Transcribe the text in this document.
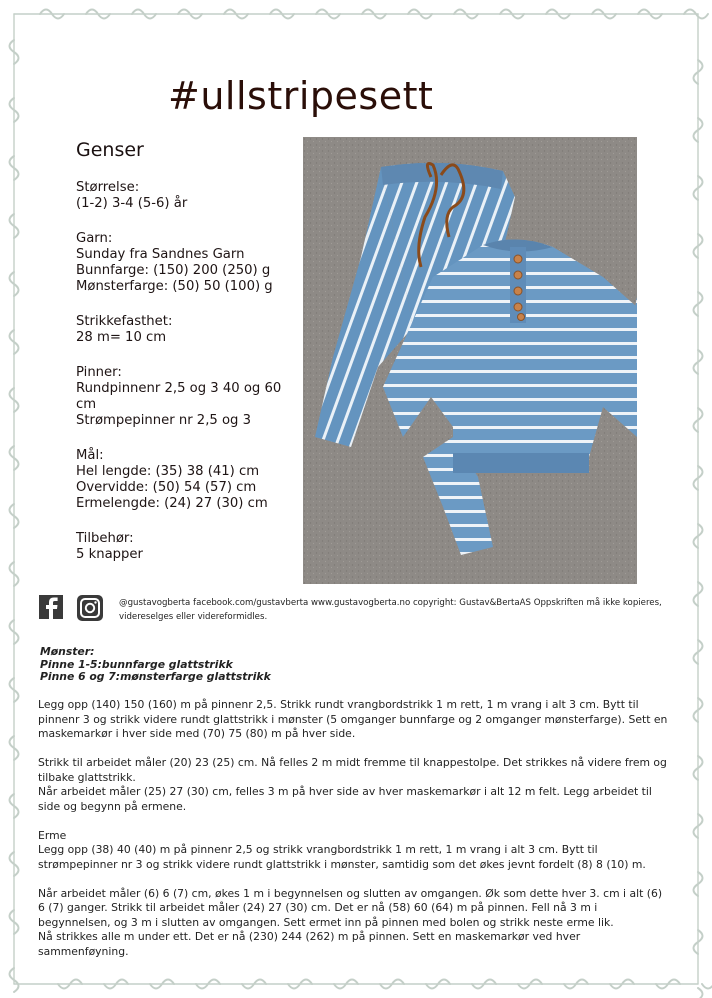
#ullstripesett
Genser
Størrelse:
(1-2) 3-4 (5-6) år
Garn:
Sunday fra Sandnes Garn
Bunnfarge: (150) 200 (250) g
Mønsterfarge: (50) 50 (100) g
Strikkefasthet:
28 m= 10 cm
Pinner:
Rundpinnenr 2,5 og 3 40 og 60 cm
Strømpepinner nr 2,5 og 3
Mål:
Hel lengde: (35) 38 (41) cm
Overvidde: (50) 54 (57) cm
Ermelengde: (24) 27 (30) cm
Tilbehør:
5 knapper
@gustavogberta facebook.com/gustavberta www.gustavogberta.no copyright: Gustav&BertaAS Oppskriften må ikke kopieres, videreselges eller videreformidles.
Mønster:
Pinne 1-5: bunnfarge glattstrikk
Pinne 6 og 7: mønsterfarge glattstrikk

Legg opp (140) 150 (160) m på pinnenr 2,5. Strikk rundt vrangbordstrikk 1 m rett, 1 m vrang i alt 3 cm. Bytt til pinnenr 3 og strikk videre rundt glattstrikk i mønster (5 omganger bunnfarge og 2 omganger mønsterfarge). Sett en maskemarkør i hver side med (70) 75 (80) m på hver side.

Strikk til arbeidet måler (20) 23 (25) cm. Nå felles 2 m midt fremme til knappestolpe. Det strikkes nå videre frem og tilbake glattstrikk.
Når arbeidet måler (25) 27 (30) cm, felles 3 m på hver side av hver maskemarkør i alt 12 m felt. Legg arbeidet til side og begynn på ermene.

Erme
Legg opp (38) 40 (40) m på pinnenr 2,5 og strikk vrangbordstrikk 1 m rett, 1 m vrang i alt 3 cm. Bytt til strømpepinner nr 3 og strikk videre rundt glattstrikk i mønster, samtidig som det økes jevnt fordelt (8) 8 (10) m.

Når arbeidet måler (6) 6 (7) cm, økes 1 m i begynnelsen og slutten av omgangen. Øk som dette hver 3. cm i alt (6) 6 (7) ganger. Strikk til arbeidet måler (24) 27 (30) cm. Det er nå (58) 60 (64) m på pinnen. Fell nå 3 m i begynnelsen, og 3 m i slutten av omgangen. Sett ermet inn på pinnen med bolen og strikk neste erme lik.
Nå strikkes alle m under ett. Det er nå (230) 244 (262) m på pinnen. Sett en maskemarkør ved hver sammenføyning.
